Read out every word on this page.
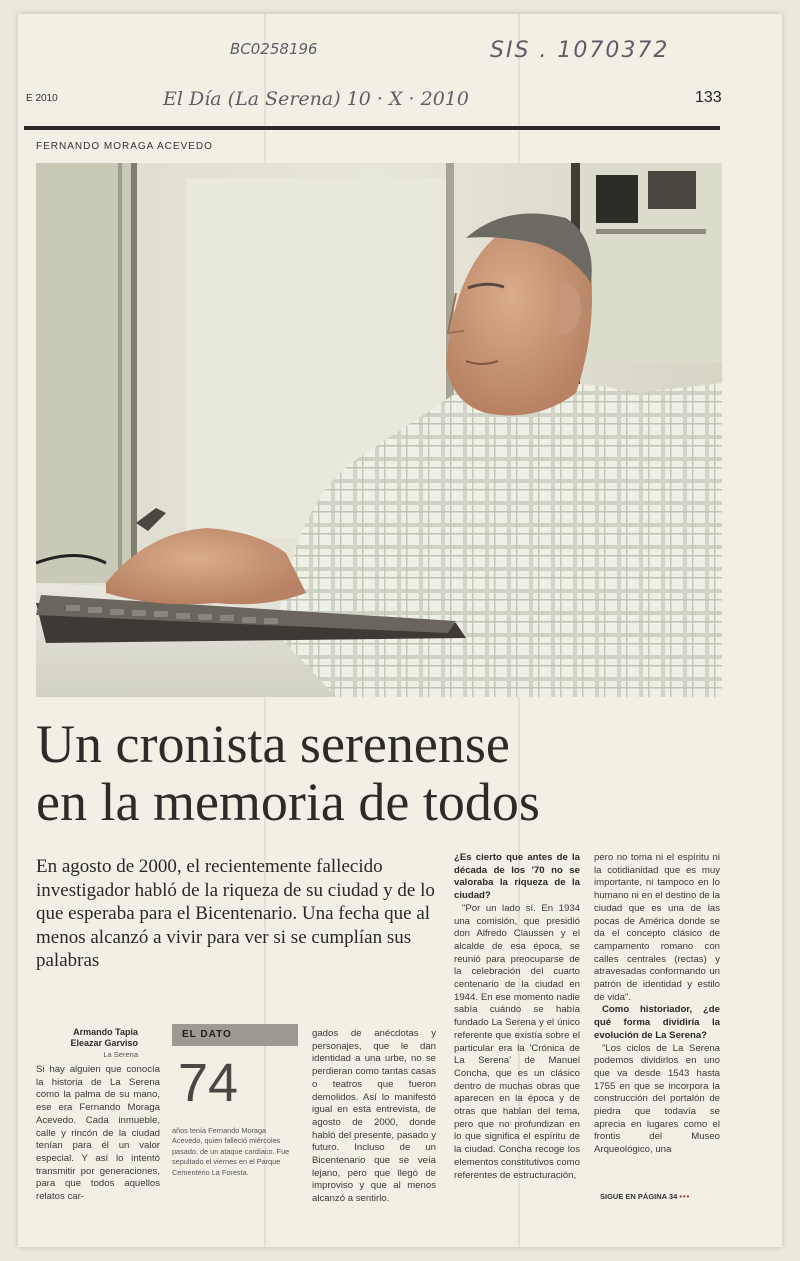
BC0258196	SIS . 1070372
El Día (La Serena) 10 · X · 2010
E 2010	133
FERNANDO MORAGA ACEVEDO
Un cronista serenense
en la memoria de todos
En agosto de 2000, el recientemente fallecido investigador habló de la riqueza de su ciudad y de lo que esperaba para el Bicentenario. Una fecha que al menos alcanzó a vivir para ver si se cumplían sus palabras
Armando Tapia
Eleazar Garviso
La Serena

Si hay alguien que conocía la historia de La Serena como la palma de su mano, ese era Fernando Moraga Acevedo. Cada inmueble, calle y rincón de la ciudad tenían para él un valor especial. Y así lo intentó transmitir por generaciones, para que todos aquellos relatos car-

EL DATO
74
años tenía Fernando Moraga Acevedo, quien falleció miércoles pasado, de un ataque cardíaco. Fue sepultado el viernes en el Parque Cementerio La Foresta.

gados de anécdotas y personajes, que le dan identidad a una urbe, no se perdieran como tantas casas o teatros que fueron demolidos. Así lo manifestó igual en esta entrevista, de agosto de 2000, donde habló del presente, pasado y futuro. Incluso de un Bicentenario que se veía lejano, pero que llegó de improviso y que al menos alcanzó a sentirlo.

¿Es cierto que antes de la década de los '70 no se valoraba la riqueza de la ciudad?

"Por un lado sí. En 1934 una comisión, que presidió don Alfredo Claussen y el alcalde de esa época, se reunió para preocuparse de la celebración del cuarto centenario de la ciudad en 1944. En ese momento nadie sabía cuándo se había fundado La Serena y el único referente que existía sobre el particular era la 'Crónica de La Serena' de Manuel Concha, que es un clásico dentro de muchas obras que aparecen en la época y de otras que hablan del tema, pero que no profundizan en lo que significa el espíritu de la ciudad. Concha recoge los elementos constitutivos como referentes de estructuración,

pero no toma ni el espíritu ni la cotidianidad que es muy importante, ni tampoco en lo humano ni en el destino de la ciudad que es una de las pocas de América donde se da el concepto clásico de campamento romano con calles centrales (rectas) y atravesadas conformando un patrón de identidad y estilo de vida".

Como historiador, ¿de qué forma dividiría la evolución de La Serena?

"Los ciclos de La Serena podemos dividirlos en uno que va desde 1543 hasta 1755 en que se incorpora la construcción del portalón de piedra que todavía se aprecia en lugares como el frontis del Museo Arqueológico, una

SIGUE EN PÁGINA 34 •••
